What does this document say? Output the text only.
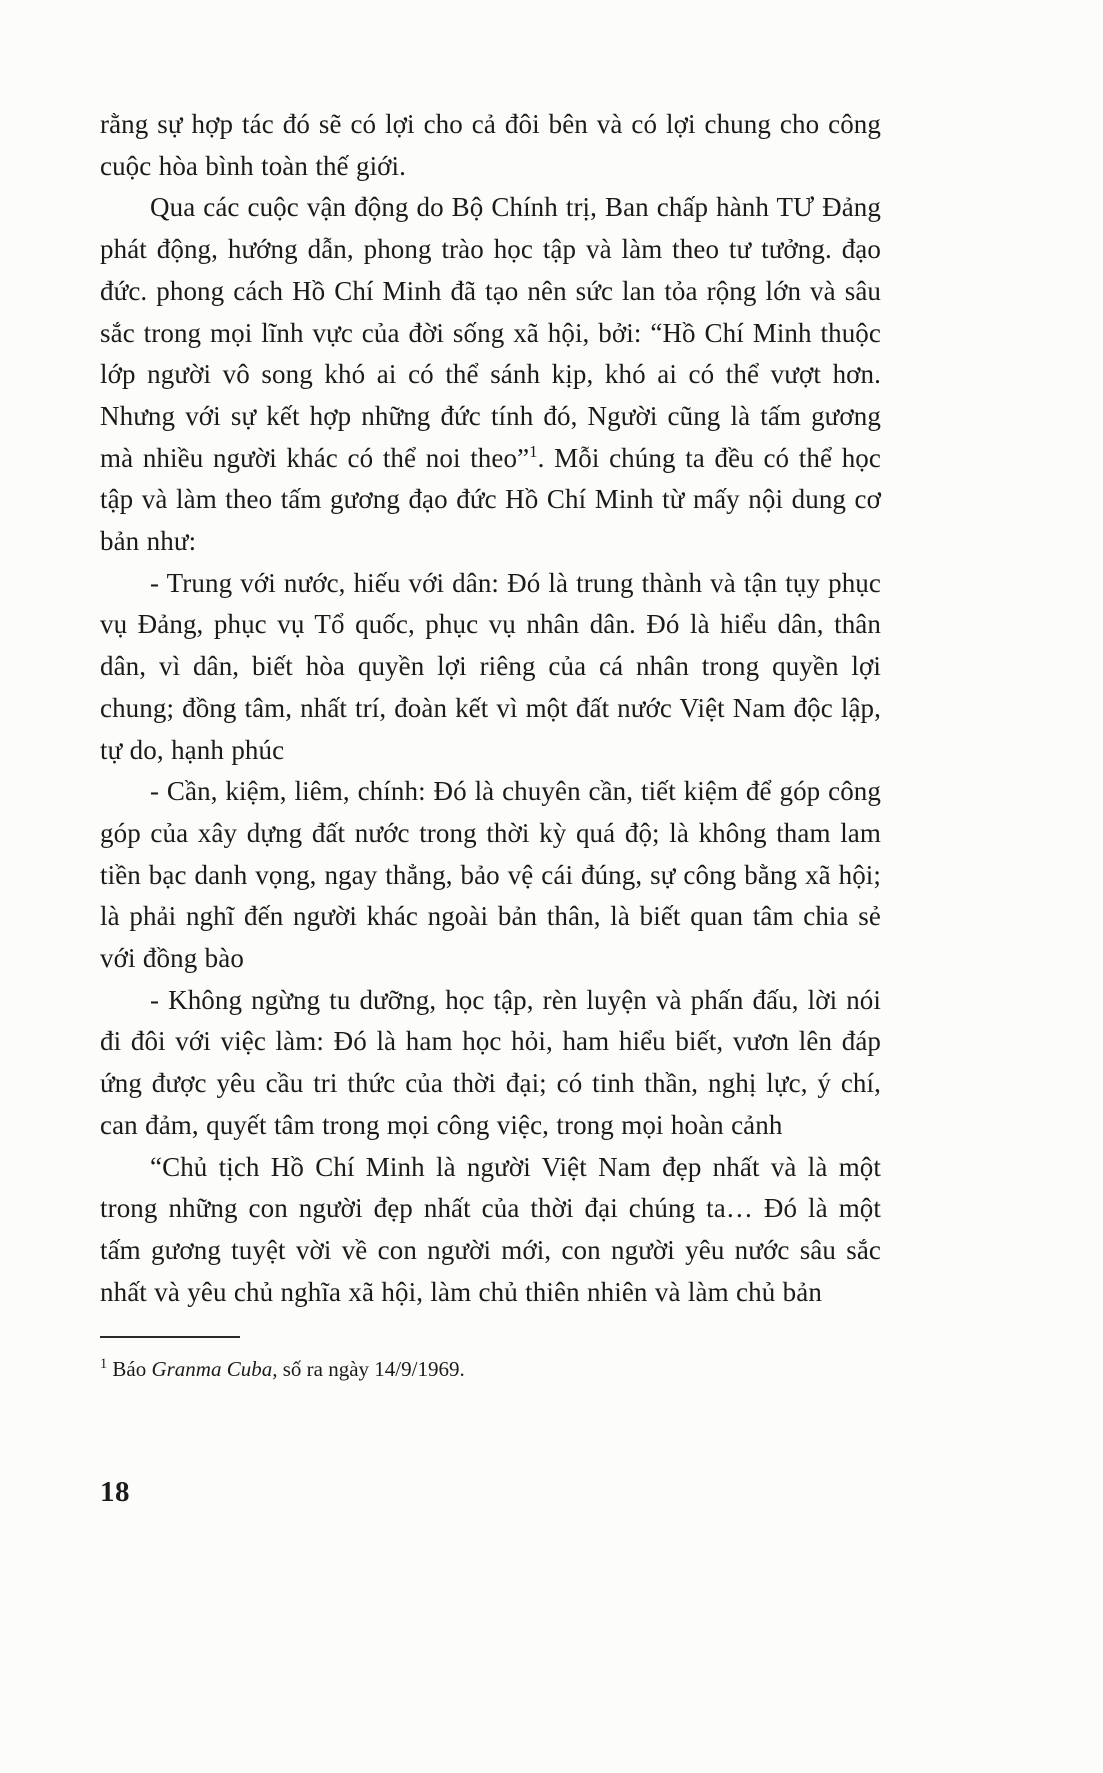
rằng sự hợp tác đó sẽ có lợi cho cả đôi bên và có lợi chung cho công cuộc hòa bình toàn thế giới.

Qua các cuộc vận động do Bộ Chính trị, Ban chấp hành TƯ Đảng phát động, hướng dẫn, phong trào học tập và làm theo tư tưởng. đạo đức. phong cách Hồ Chí Minh đã tạo nên sức lan tỏa rộng lớn và sâu sắc trong mọi lĩnh vực của đời sống xã hội, bởi: “Hồ Chí Minh thuộc lớp người vô song khó ai có thể sánh kịp, khó ai có thể vượt hơn. Nhưng với sự kết hợp những đức tính đó, Người cũng là tấm gương mà nhiều người khác có thể noi theo”$^1$. Mỗi chúng ta đều có thể học tập và làm theo tấm gương đạo đức Hồ Chí Minh từ mấy nội dung cơ bản như:

- Trung với nước, hiếu với dân: Đó là trung thành và tận tụy phục vụ Đảng, phục vụ Tổ quốc, phục vụ nhân dân. Đó là hiểu dân, thân dân, vì dân, biết hòa quyền lợi riêng của cá nhân trong quyền lợi chung; đồng tâm, nhất trí, đoàn kết vì một đất nước Việt Nam độc lập, tự do, hạnh phúc

- Cần, kiệm, liêm, chính: Đó là chuyên cần, tiết kiệm để góp công góp của xây dựng đất nước trong thời kỳ quá độ; là không tham lam tiền bạc danh vọng, ngay thẳng, bảo vệ cái đúng, sự công bằng xã hội; là phải nghĩ đến người khác ngoài bản thân, là biết quan tâm chia sẻ với đồng bào

- Không ngừng tu dưỡng, học tập, rèn luyện và phấn đấu, lời nói đi đôi với việc làm: Đó là ham học hỏi, ham hiểu biết, vươn lên đáp ứng được yêu cầu tri thức của thời đại; có tinh thần, nghị lực, ý chí, can đảm, quyết tâm trong mọi công việc, trong mọi hoàn cảnh

“Chủ tịch Hồ Chí Minh là người Việt Nam đẹp nhất và là một trong những con người đẹp nhất của thời đại chúng ta… Đó là một tấm gương tuyệt vời về con người mới, con người yêu nước sâu sắc nhất và yêu chủ nghĩa xã hội, làm chủ thiên nhiên và làm chủ bản

$^1$ Báo Granma Cuba, số ra ngày 14/9/1969.
18
